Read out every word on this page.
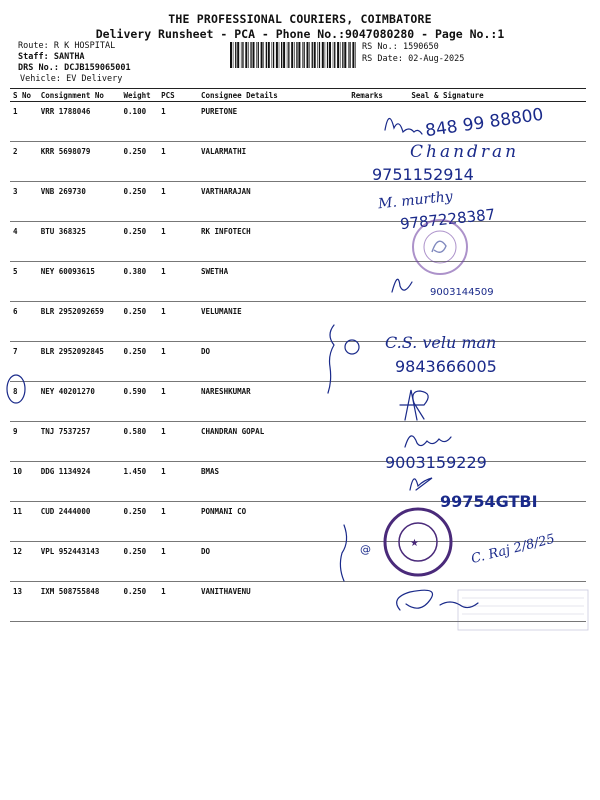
THE PROFESSIONAL COURIERS, COIMBATORE
Delivery Runsheet - PCA - Phone No.:9047080280 - Page No.:1
Route: R K HOSPITAL
Staff: SANTHA
DRS No.: DCJB159065001
Vehicle: EV Delivery
RS No.: 1590650
RS Date: 02-Aug-2025
S No	Consignment No	Weight	PCS	Consignee Details	Remarks	Seal & Signature
1	VRR 1788046	0.100	1	PURETONE		
2	KRR 5698079	0.250	1	VALARMATHI		
3	VNB 269730	0.250	1	VARTHARAJAN		
4	BTU 368325	0.250	1	RK INFOTECH		
5	NEY 60093615	0.380	1	SWETHA		
6	BLR 2952092659	0.250	1	VELUMANIE		
7	BLR 2952092845	0.250	1	DO		
8	NEY 40201270	0.590	1	NARESHKUMAR		
9	TNJ 7537257	0.580	1	CHANDRAN GOPAL		
10	DDG 1134924	1.450	1	BMAS		
11	CUD 2444000	0.250	1	PONMANI CO		
12	VPL 952443143	0.250	1	DO		
13	IXM 508755848	0.250	1	VANITHAVENU		
848 99 88800
Chandran
9751152914
M. murthy
9787228387
9003144509
C.S. velu man
9843666005
9003159229
99754GTBI
@	C. Raj 2/8/25
★
